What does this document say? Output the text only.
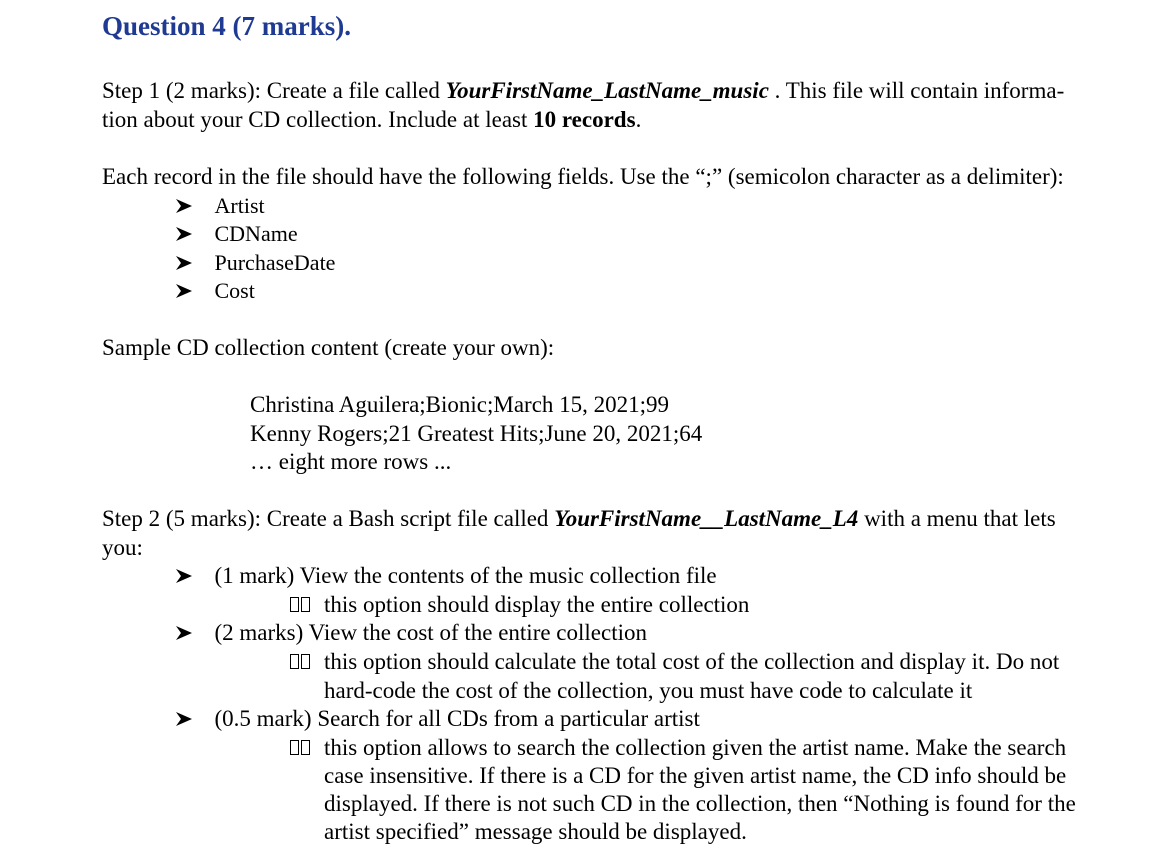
Question 4 (7 marks).
Step 1 (2 marks): Create a file called YourFirstName_LastName_music . This file will contain informa-
tion about your CD collection. Include at least 10 records.
Each record in the file should have the following fields. Use the “;” (semicolon character as a delimiter):
Artist
CDName
PurchaseDate
Cost
Sample CD collection content (create your own):
Christina Aguilera;Bionic;March 15, 2021;99
Kenny Rogers;21 Greatest Hits;June 20, 2021;64
… eight more rows ...
Step 2 (5 marks): Create a Bash script file called YourFirstName__LastName_L4 with a menu that lets
you:
(1 mark) View the contents of the music collection file
this option should display the entire collection
(2 marks) View the cost of the entire collection
this option should calculate the total cost of the collection and display it. Do not
hard-code the cost of the collection, you must have code to calculate it
(0.5 mark) Search for all CDs from a particular artist
this option allows to search the collection given the artist name. Make the search
case insensitive. If there is a CD for the given artist name, the CD info should be
displayed. If there is not such CD in the collection, then “Nothing is found for the
artist specified” message should be displayed.
